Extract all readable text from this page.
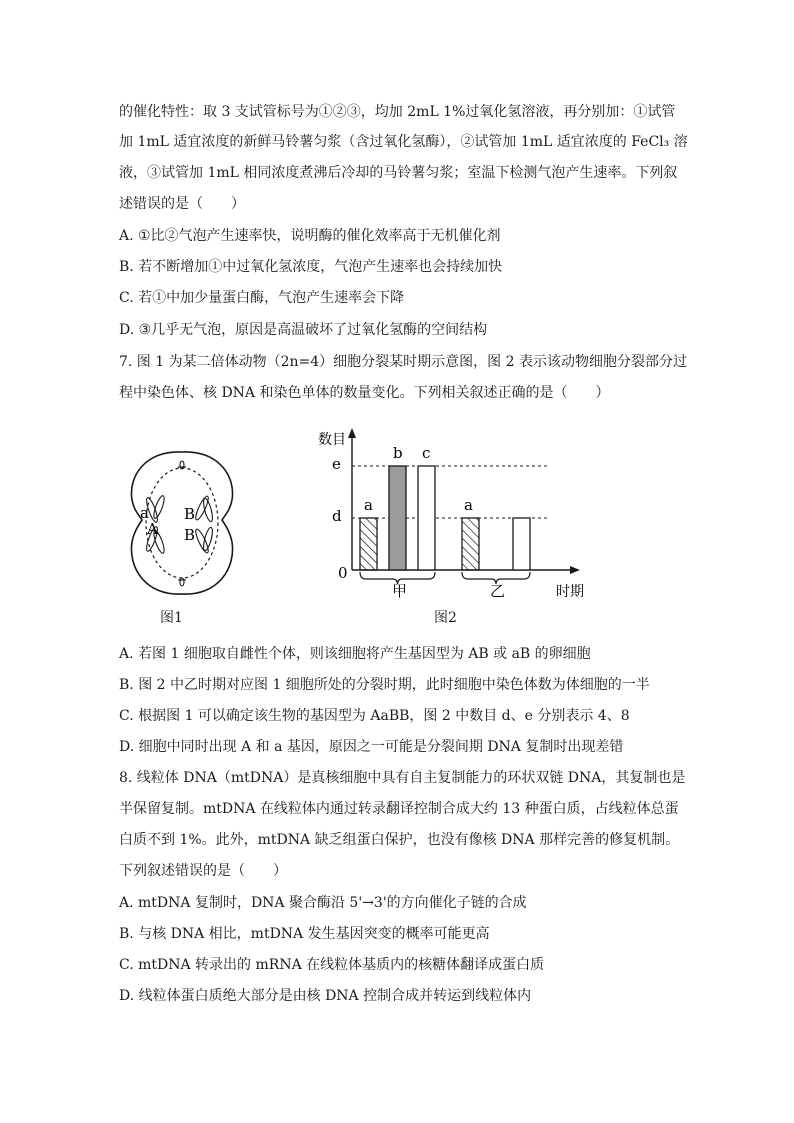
的催化特性：取 3 支试管标号为①②③，均加 2mL 1%过氧化氢溶液，再分别加：①试管
加 1mL 适宜浓度的新鲜马铃薯匀浆（含过氧化氢酶），②试管加 1mL 适宜浓度的 FeCl₃ 溶
液，③试管加 1mL 相同浓度煮沸后冷却的马铃薯匀浆；室温下检测气泡产生速率。下列叙
述错误的是（　　）
A. ①比②气泡产生速率快，说明酶的催化效率高于无机催化剂
B. 若不断增加①中过氧化氢浓度，气泡产生速率也会持续加快
C. 若①中加少量蛋白酶，气泡产生速率会下降
D. ③几乎无气泡，原因是高温破坏了过氧化氢酶的空间结构
7. 图 1 为某二倍体动物（2n=4）细胞分裂某时期示意图，图 2 表示该动物细胞分裂部分过
程中染色体、核 DNA 和染色单体的数量变化。下列相关叙述正确的是（　　）
a
A
B
B
图1
数目
时期
0
d
e
甲	乙
a
b c
a
图2
A. 若图 1 细胞取自雌性个体，则该细胞将产生基因型为 AB 或 aB 的卵细胞
B. 图 2 中乙时期对应图 1 细胞所处的分裂时期，此时细胞中染色体数为体细胞的一半
C. 根据图 1 可以确定该生物的基因型为 AaBB，图 2 中数目 d、e 分别表示 4、8
D. 细胞中同时出现 A 和 a 基因，原因之一可能是分裂间期 DNA 复制时出现差错
8. 线粒体 DNA（mtDNA）是真核细胞中具有自主复制能力的环状双链 DNA，其复制也是
半保留复制。mtDNA 在线粒体内通过转录翻译控制合成大约 13 种蛋白质，占线粒体总蛋
白质不到 1%。此外，mtDNA 缺乏组蛋白保护，也没有像核 DNA 那样完善的修复机制。
下列叙述错误的是（　　）
A. mtDNA 复制时，DNA 聚合酶沿 5'→3'的方向催化子链的合成
B. 与核 DNA 相比，mtDNA 发生基因突变的概率可能更高
C. mtDNA 转录出的 mRNA 在线粒体基质内的核糖体翻译成蛋白质
D. 线粒体蛋白质绝大部分是由核 DNA 控制合成并转运到线粒体内
